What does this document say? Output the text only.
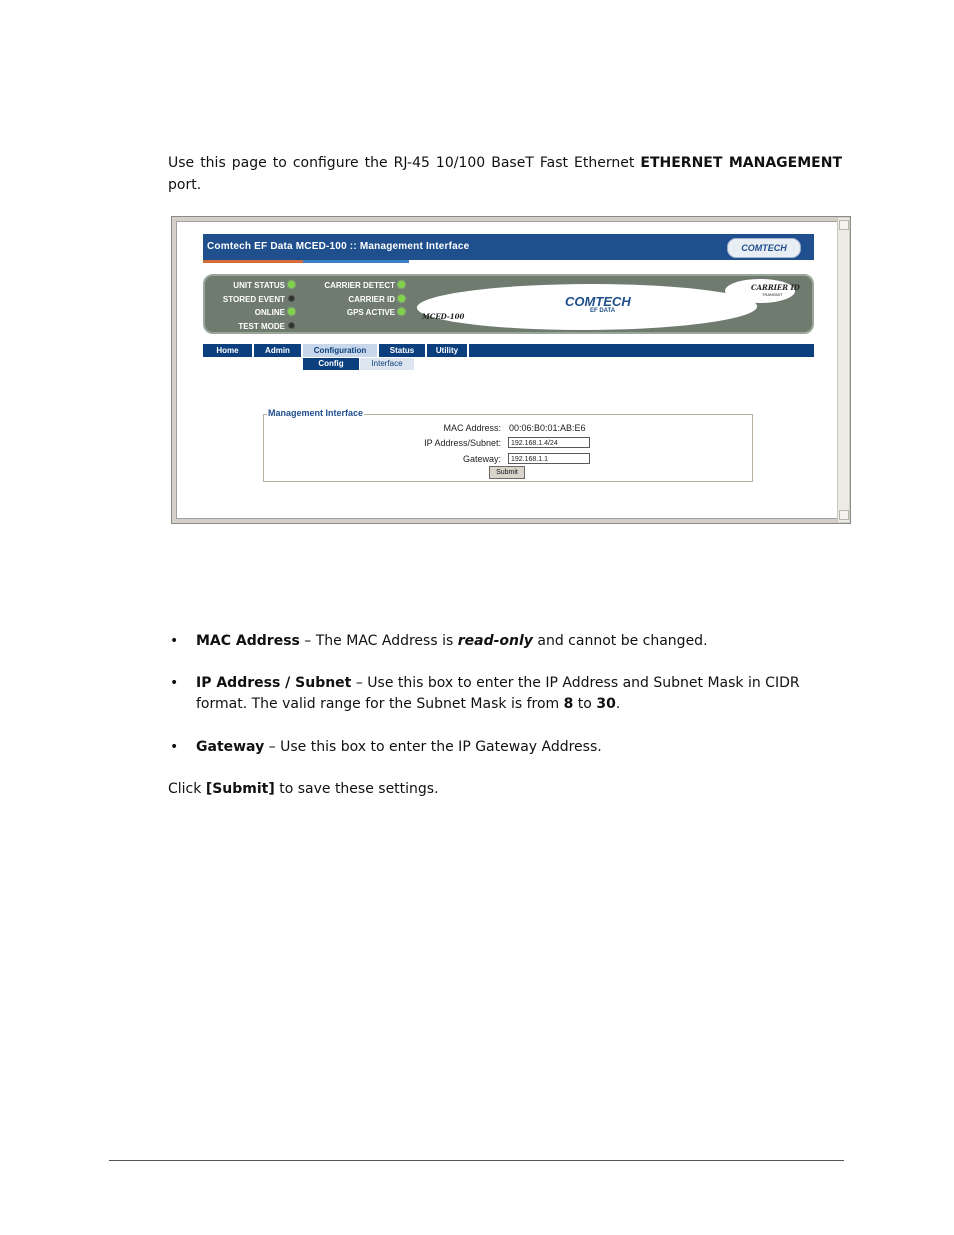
Use this page to configure the RJ-45 10/100 BaseT Fast Ethernet ETHERNET MANAGEMENT port.
Comtech EF Data MCED-100 :: Management Interface	COMTECH
COMTECH
EF DATA
MCED-100
CARRIER ID
TRANSMIT
UNIT STATUS
STORED EVENT
ONLINE
TEST MODE
CARRIER DETECT
CARRIER ID
GPS ACTIVE
Home	Admin	Configuration	Status	Utility
Config	Interface
Management Interface
MAC Address: 00:06:B0:01:AB:E6
IP Address/Subnet:	192.168.1.4/24
Gateway:	192.168.1.1
Submit
• MAC Address – The MAC Address is read-only and cannot be changed.
• IP Address / Subnet – Use this box to enter the IP Address and Subnet Mask in CIDR format. The valid range for the Subnet Mask is from 8 to 30.
• Gateway – Use this box to enter the IP Gateway Address.
Click [Submit] to save these settings.
